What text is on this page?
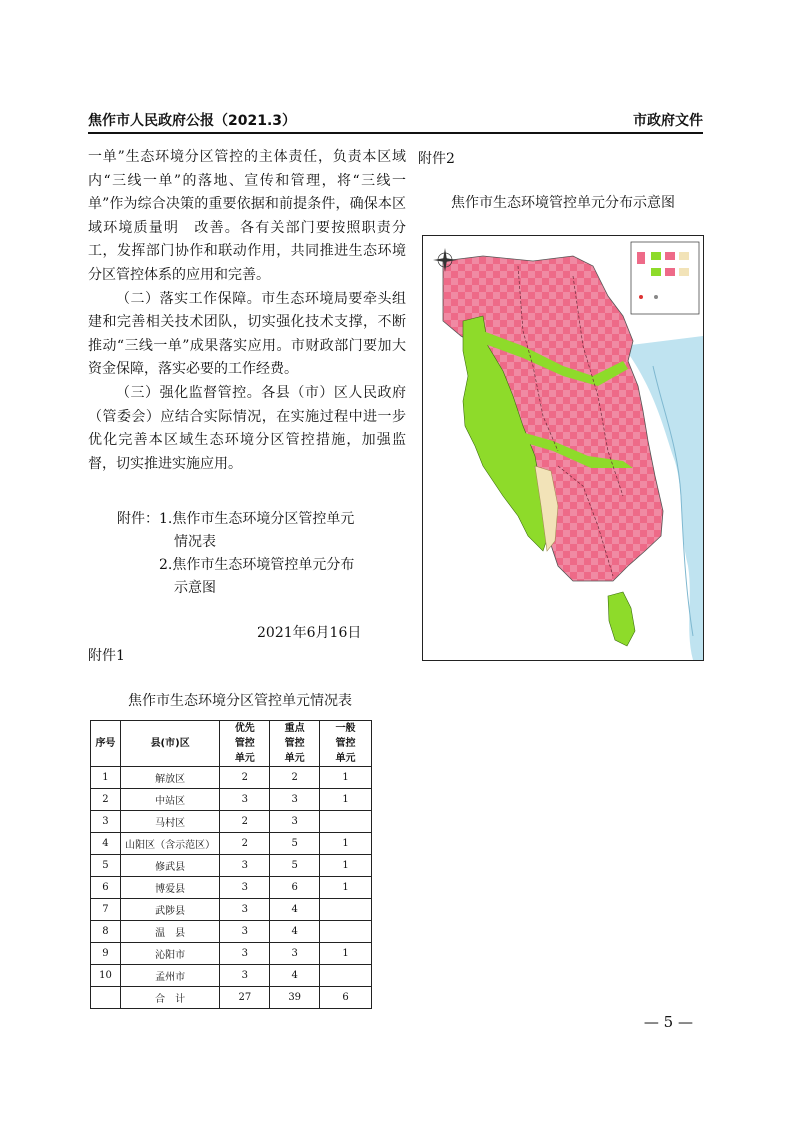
焦作市人民政府公报（2021.3）	市政府文件

一单”生态环境分区管控的主体责任，负责本区域内“三线一单”的落地、宣传和管理，将“三线一单”作为综合决策的重要依据和前提条件，确保本区域环境质量明　改善。各有关部门要按照职责分工，发挥部门协作和联动作用，共同推进生态环境分区管控体系的应用和完善。

（二）落实工作保障。市生态环境局要牵头组建和完善相关技术团队，切实强化技术支撑，不断推动“三线一单”成果落实应用。市财政部门要加大资金保障，落实必要的工作经费。

（三）强化监督管控。各县（市）区人民政府（管委会）应结合实际情况，在实施过程中进一步优化完善本区域生态环境分区管控措施，加强监督，切实推进实施应用。

附件： 1.焦作市生态环境分区管控单元
情况表
2.焦作市生态环境管控单元分布
示意图
2021年6月16日
附件1
焦作市生态环境分区管控单元情况表
序号	县(市)区	优先管控单元	重点管控单元	一般管控单元

1	解放区	2	2	1
2	中站区	3	3	1
3	马村区	2	3	
4	山阳区（含示范区）	2	5	1
5	修武县	3	5	1
6	博爱县	3	6	1
7	武陟县	3	4	
8	温　县	3	4	
9	沁阳市	3	3	1
10	孟州市	3	4	
	合　计	27	39	6
附件2
焦作市生态环境管控单元分布示意图
— 5 —
